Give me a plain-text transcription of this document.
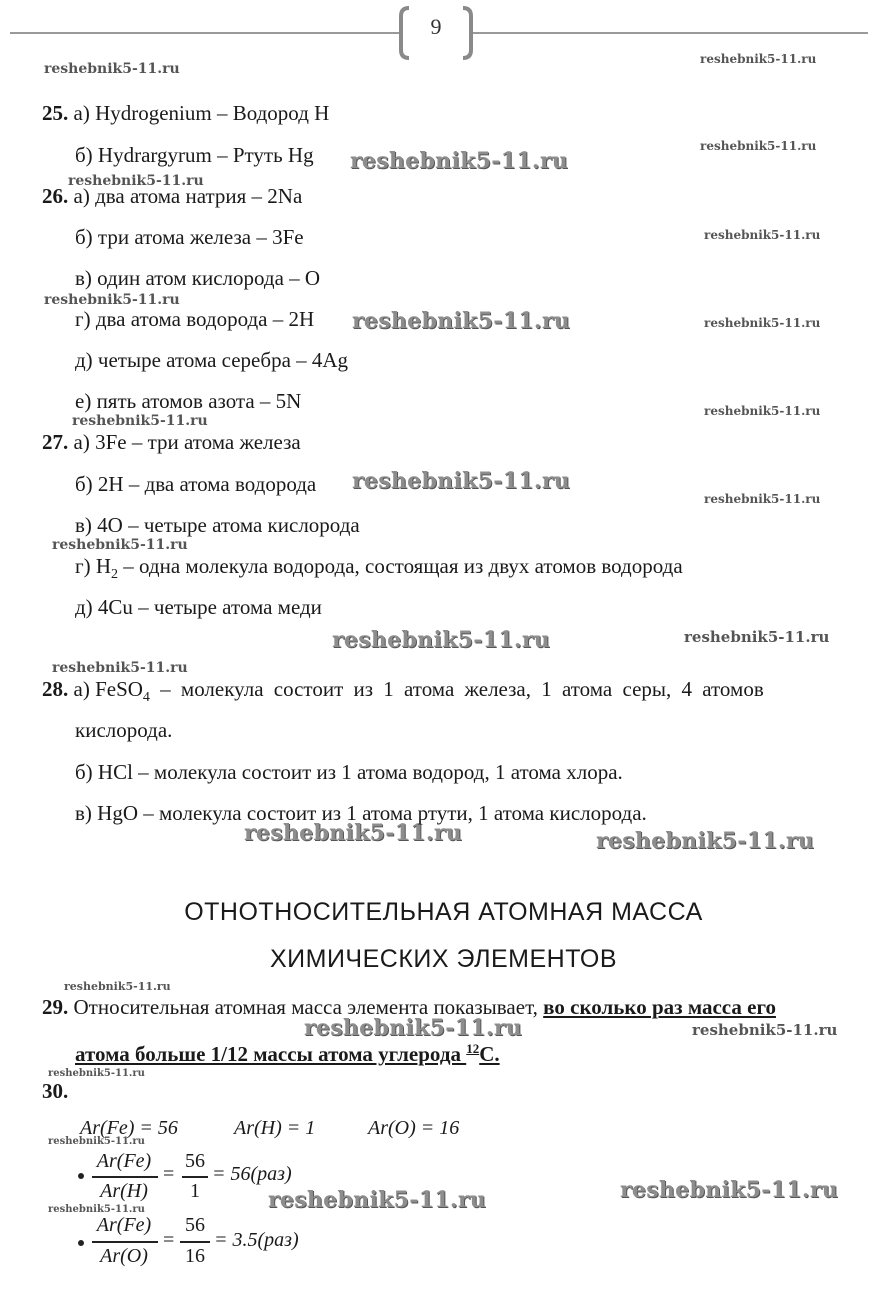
9
reshebnik5-11.ru
reshebnik5-11.ru
reshebnik5-11.ru
reshebnik5-11.ru
reshebnik5-11.ru
reshebnik5-11.ru
reshebnik5-11.ru
reshebnik5-11.ru
reshebnik5-11.ru
reshebnik5-11.ru
reshebnik5-11.ru
reshebnik5-11.ru
reshebnik5-11.ru
reshebnik5-11.ru
reshebnik5-11.ru
reshebnik5-11.ru
reshebnik5-11.ru
reshebnik5-11.ru
reshebnik5-11.ru
reshebnik5-11.ru
reshebnik5-11.ru
reshebnik5-11.ru
reshebnik5-11.ru	reshebnik5-11.ru
reshebnik5-11.ru
reshebnik5-11.ru	reshebnik5-11.ru
25. а) Hydrogenium – Водород H
б) Hydrargyrum – Ртуть Hg
26. а) два атома натрия – 2Na
б) три атома железа – 3Fe
в) один атом кислорода – O
г) два атома водорода – 2H
д) четыре атома серебра – 4Ag
е) пять атомов азота – 5N
27. а) 3Fe – три атома железа
б) 2H – два атома водорода
в) 4O – четыре атома кислорода
г) $H_2$ – одна молекула водорода, состоящая из двух атомов водорода
д) 4Cu – четыре атома меди
28. а) FeSO$_4$ – молекула состоит из 1 атома железа, 1 атома серы, 4 атомов
кислорода.
б) HCl – молекула состоит из 1 атома водород, 1 атома хлора.
в) HgO – молекула состоит из 1 атома ртути, 1 атома кислорода.
ОТНОТНОСИТЕЛЬНАЯ АТОМНАЯ МАССА
ХИМИЧЕСКИХ ЭЛЕМЕНТОВ
29. Относительная атомная масса элемента показывает, во сколько раз масса его
атома больше 1/12 массы атома углерода $^{12}$C.
30.
Ar(Fe) = 56	Ar(H) = 1	Ar(O) = 16
Ar(Fe)
Ar(H)
=
56
1
= 56(раз)
Ar(Fe)
Ar(O)
=
56
16
= 3.5(раз)
